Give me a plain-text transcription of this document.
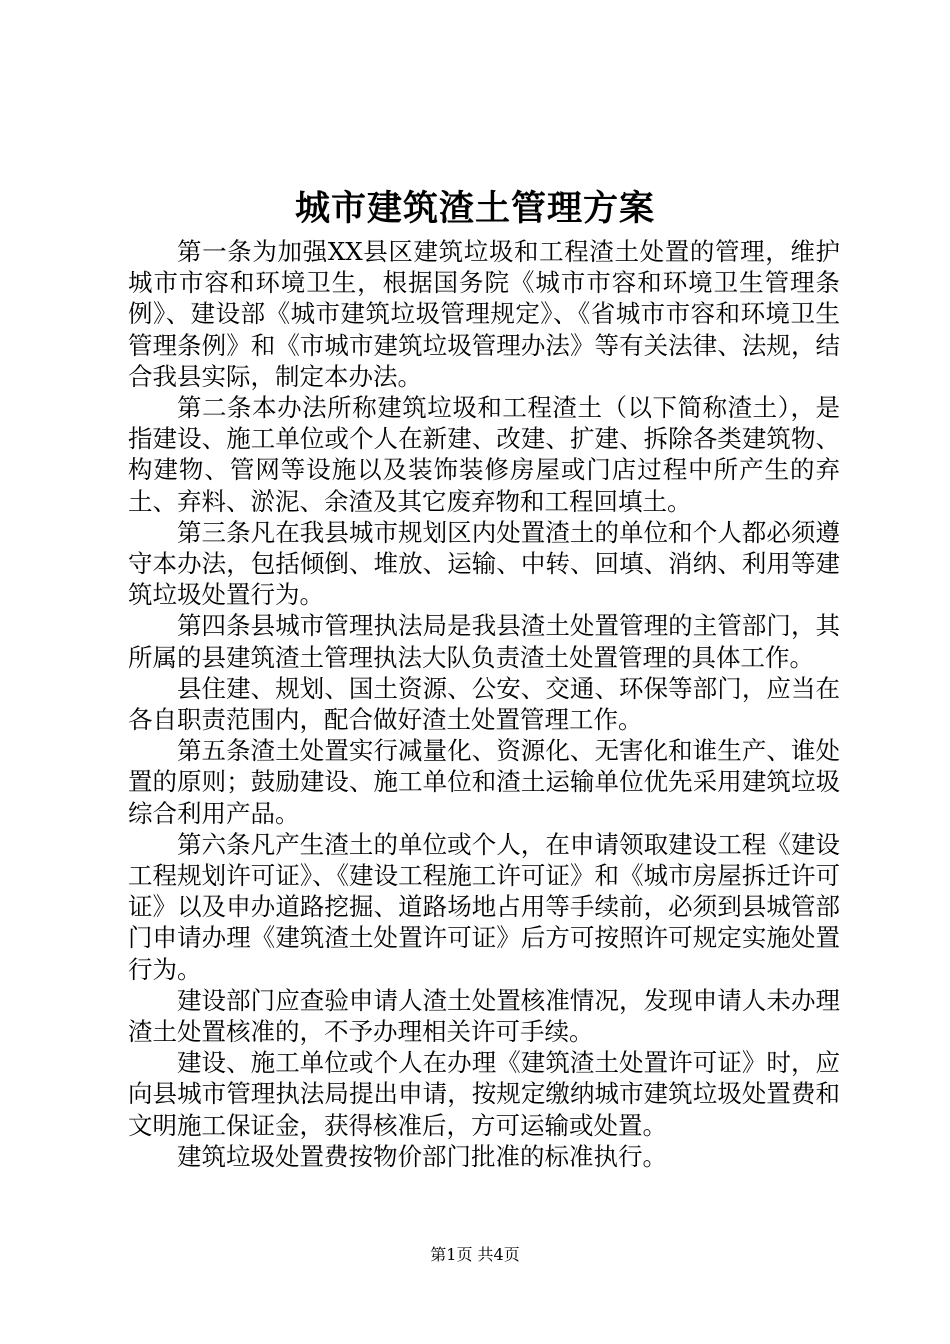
城市建筑渣土管理方案

第一条为加强XX县区建筑垃圾和工程渣土处置的管理，维护城市市容和环境卫生，根据国务院《城市市容和环境卫生管理条例》、建设部《城市建筑垃圾管理规定》、《省城市市容和环境卫生管理条例》和《市城市建筑垃圾管理办法》等有关法律、法规，结合我县实际，制定本办法。

第二条本办法所称建筑垃圾和工程渣土（以下简称渣土），是指建设、施工单位或个人在新建、改建、扩建、拆除各类建筑物、构建物、管网等设施以及装饰装修房屋或门店过程中所产生的弃土、弃料、淤泥、余渣及其它废弃物和工程回填土。

第三条凡在我县城市规划区内处置渣土的单位和个人都必须遵守本办法，包括倾倒、堆放、运输、中转、回填、消纳、利用等建筑垃圾处置行为。

第四条县城市管理执法局是我县渣土处置管理的主管部门，其所属的县建筑渣土管理执法大队负责渣土处置管理的具体工作。

县住建、规划、国土资源、公安、交通、环保等部门，应当在各自职责范围内，配合做好渣土处置管理工作。

第五条渣土处置实行减量化、资源化、无害化和谁生产、谁处置的原则；鼓励建设、施工单位和渣土运输单位优先采用建筑垃圾综合利用产品。

第六条凡产生渣土的单位或个人，在申请领取建设工程《建设工程规划许可证》、《建设工程施工许可证》和《城市房屋拆迁许可证》以及申办道路挖掘、道路场地占用等手续前，必须到县城管部门申请办理《建筑渣土处置许可证》后方可按照许可规定实施处置行为。

建设部门应查验申请人渣土处置核准情况，发现申请人未办理渣土处置核准的，不予办理相关许可手续。

建设、施工单位或个人在办理《建筑渣土处置许可证》时，应向县城市管理执法局提出申请，按规定缴纳城市建筑垃圾处置费和文明施工保证金，获得核准后，方可运输或处置。

建筑垃圾处置费按物价部门批准的标准执行。

第1页 共4页
